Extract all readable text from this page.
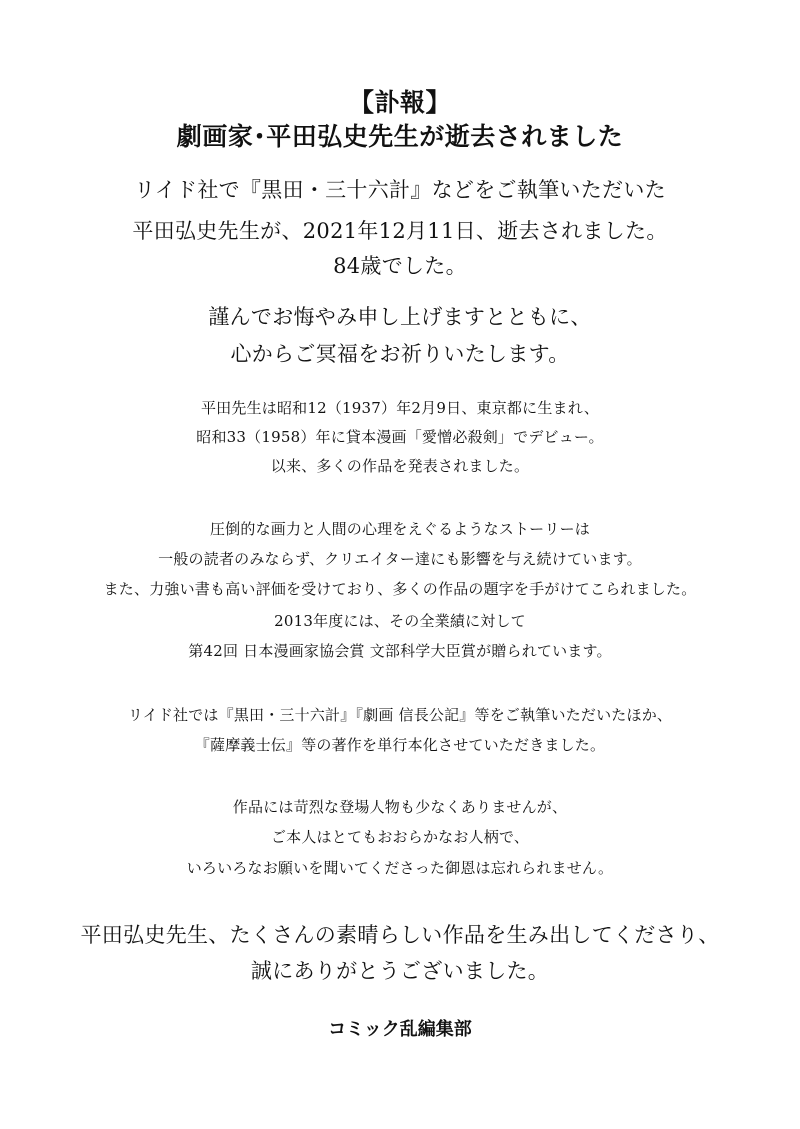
【訃報】
劇画家･平田弘史先生が逝去されました
リイド社で『黒田・三十六計』などをご執筆いただいた
平田弘史先生が、2021年12月11日、逝去されました。
84歳でした。
謹んでお悔やみ申し上げますとともに、
心からご冥福をお祈りいたします。
平田先生は昭和12（1937）年2月9日、東京都に生まれ、
昭和33（1958）年に貸本漫画「愛憎必殺剣」でデビュー。
以来、多くの作品を発表されました。
圧倒的な画力と人間の心理をえぐるようなストーリーは
一般の読者のみならず、クリエイター達にも影響を与え続けています。
また、力強い書も高い評価を受けており、多くの作品の題字を手がけてこられました。
2013年度には、その全業績に対して
第42回 日本漫画家協会賞 文部科学大臣賞が贈られています。
リイド社では『黒田・三十六計』『劇画 信長公記』等をご執筆いただいたほか、
『薩摩義士伝』等の著作を単行本化させていただきました。
作品には苛烈な登場人物も少なくありませんが、
ご本人はとてもおおらかなお人柄で、
いろいろなお願いを聞いてくださった御恩は忘れられません。
平田弘史先生、たくさんの素晴らしい作品を生み出してくださり、
誠にありがとうございました。
コミック乱編集部
